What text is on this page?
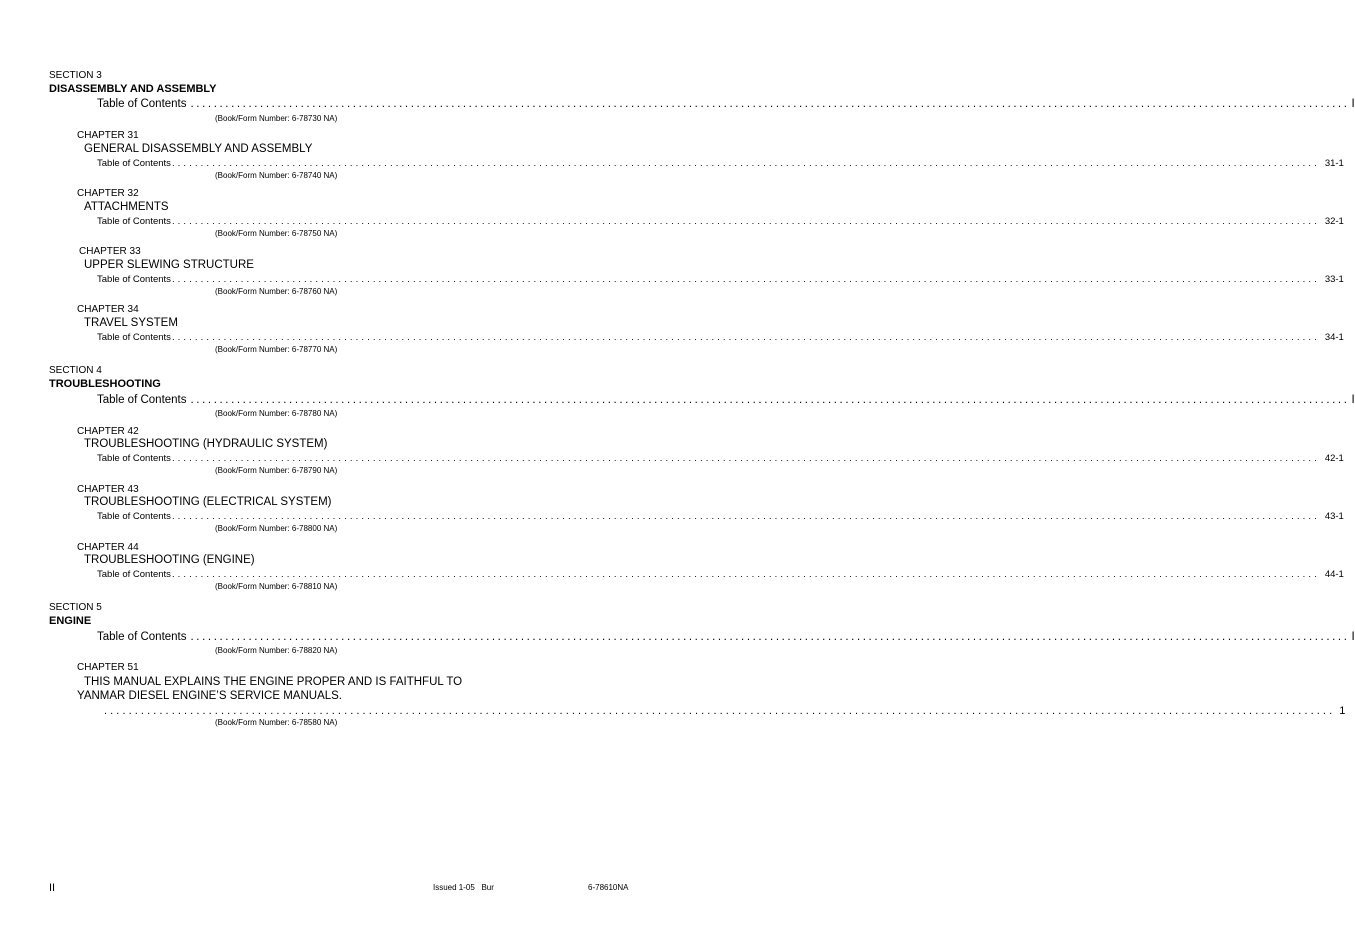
SECTION 3
DISASSEMBLY AND ASSEMBLY
Table of Contents ........................................................................................................................................................................................................ I
(Book/Form Number: 6-78730 NA)
CHAPTER 31
GENERAL DISASSEMBLY AND ASSEMBLY
Table of Contents ........................................................................................................................................................................................................ 31-1
(Book/Form Number: 6-78740 NA)
CHAPTER 32
ATTACHMENTS
Table of Contents ........................................................................................................................................................................................................ 32-1
(Book/Form Number: 6-78750 NA)
CHAPTER 33
UPPER SLEWING STRUCTURE
Table of Contents ........................................................................................................................................................................................................ 33-1
(Book/Form Number: 6-78760 NA)
CHAPTER 34
TRAVEL SYSTEM
Table of Contents ........................................................................................................................................................................................................ 34-1
(Book/Form Number: 6-78770 NA)
SECTION 4
TROUBLESHOOTING
Table of Contents ........................................................................................................................................................................................................ I
(Book/Form Number: 6-78780 NA)
CHAPTER 42
TROUBLESHOOTING (HYDRAULIC SYSTEM)
Table of Contents ........................................................................................................................................................................................................ 42-1
(Book/Form Number: 6-78790 NA)
CHAPTER 43
TROUBLESHOOTING (ELECTRICAL SYSTEM)
Table of Contents ........................................................................................................................................................................................................ 43-1
(Book/Form Number: 6-78800 NA)
CHAPTER 44
TROUBLESHOOTING (ENGINE)
Table of Contents ........................................................................................................................................................................................................ 44-1
(Book/Form Number: 6-78810 NA)
SECTION 5
ENGINE
Table of Contents ........................................................................................................................................................................................................ I
(Book/Form Number: 6-78820 NA)
CHAPTER 51
THIS MANUAL EXPLAINS THE ENGINE PROPER AND IS FAITHFUL TO
YANMAR DIESEL ENGINE’S SERVICE MANUALS.
........................................................................................................................................................................................................ 1
(Book/Form Number: 6-78580 NA)
II	Issued 1-05   Bur	6-78610NA
